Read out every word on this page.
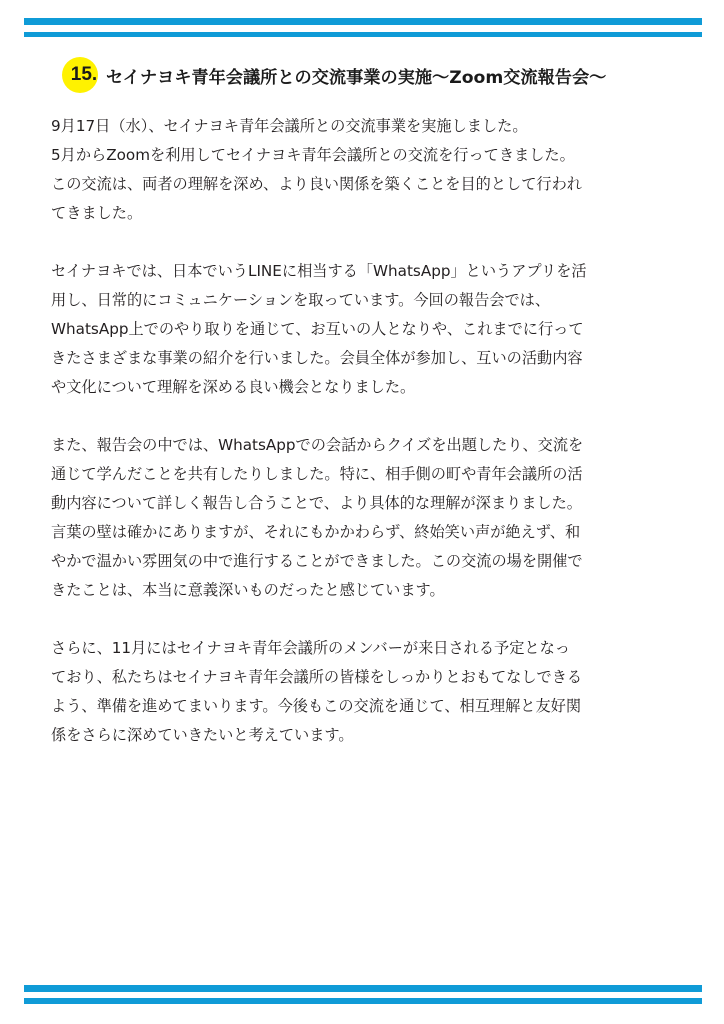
15. セイナヨキ青年会議所との交流事業の実施～Zoom交流報告会～
9月17日（水）、セイナヨキ青年会議所との交流事業を実施しました。
5月からZoomを利用してセイナヨキ青年会議所との交流を行ってきました。
この交流は、両者の理解を深め、より良い関係を築くことを目的として行われ
てきました。
セイナヨキでは、日本でいうLINEに相当する「WhatsApp」というアプリを活
用し、日常的にコミュニケーションを取っています。今回の報告会では、
WhatsApp上でのやり取りを通じて、お互いの人となりや、これまでに行って
きたさまざまな事業の紹介を行いました。会員全体が参加し、互いの活動内容
や文化について理解を深める良い機会となりました。
また、報告会の中では、WhatsAppでの会話からクイズを出題したり、交流を
通じて学んだことを共有したりしました。特に、相手側の町や青年会議所の活
動内容について詳しく報告し合うことで、より具体的な理解が深まりました。
言葉の壁は確かにありますが、それにもかかわらず、終始笑い声が絶えず、和
やかで温かい雰囲気の中で進行することができました。この交流の場を開催で
きたことは、本当に意義深いものだったと感じています。
さらに、11月にはセイナヨキ青年会議所のメンバーが来日される予定となっ
ており、私たちはセイナヨキ青年会議所の皆様をしっかりとおもてなしできる
よう、準備を進めてまいります。今後もこの交流を通じて、相互理解と友好関
係をさらに深めていきたいと考えています。
